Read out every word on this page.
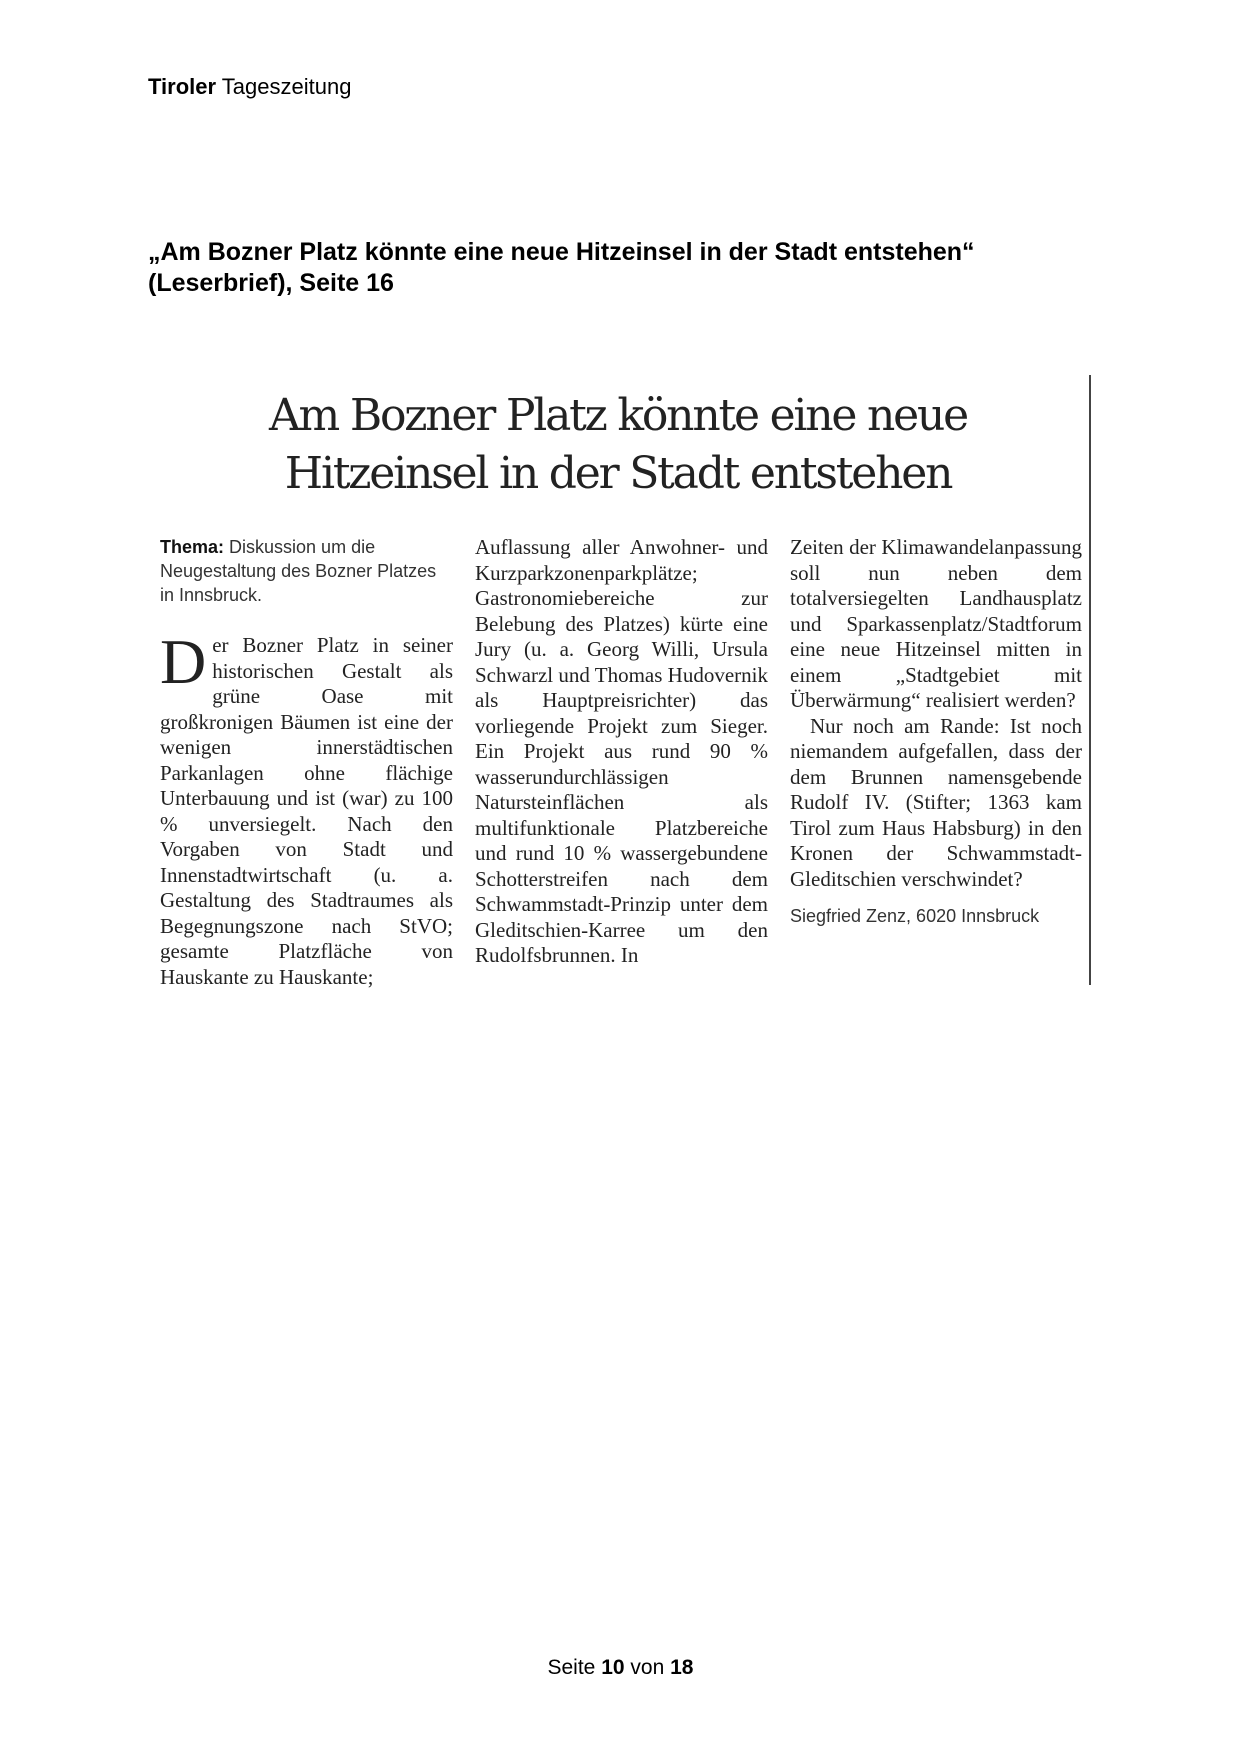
Tiroler Tageszeitung
„Am Bozner Platz könnte eine neue Hitzeinsel in der Stadt entstehen“
(Leserbrief), Seite 16
Am Bozner Platz könnte eine neue
Hitzeinsel in der Stadt entstehen
Thema: Diskussion um die Neugestaltung des Bozner Platzes in Innsbruck.
D er Bozner Platz in seiner historischen Gestalt als grüne Oase mit großkronigen Bäumen ist eine der wenigen innerstädtischen Parkanlagen ohne flächige Unterbauung und ist (war) zu 100 % unversiegelt. Nach den Vorgaben von Stadt und Innenstadtwirtschaft (u. a. Gestaltung des Stadtraumes als Begegnungszone nach StVO; gesamte Platzfläche von Hauskante zu Hauskante;

Auflassung aller Anwohner- und Kurzparkzonenparkplätze; Gastronomiebereiche zur Belebung des Platzes) kürte eine Jury (u. a. Georg Willi, Ursula Schwarzl und Thomas Hudovernik als Hauptpreisrichter) das vorliegende Projekt zum Sieger. Ein Projekt aus rund 90 % wasserundurchlässigen Natursteinflächen als multifunktionale Platzbereiche und rund 10 % wassergebundene Schotterstreifen nach dem Schwammstadt-Prinzip unter dem Gleditschien-Karree um den Rudolfsbrunnen. In

Zeiten der Klimawandelanpassung soll nun neben dem totalversiegelten Landhausplatz und Sparkassenplatz/Stadtforum eine neue Hitzeinsel mitten in einem „Stadtgebiet mit Überwärmung“ realisiert werden?

Nur noch am Rande: Ist noch niemandem aufgefallen, dass der dem Brunnen namensgebende Rudolf IV. (Stifter; 1363 kam Tirol zum Haus Habsburg) in den Kronen der Schwammstadt-Gleditschien verschwindet?

Siegfried Zenz, 6020 Innsbruck
Seite 10 von 18
